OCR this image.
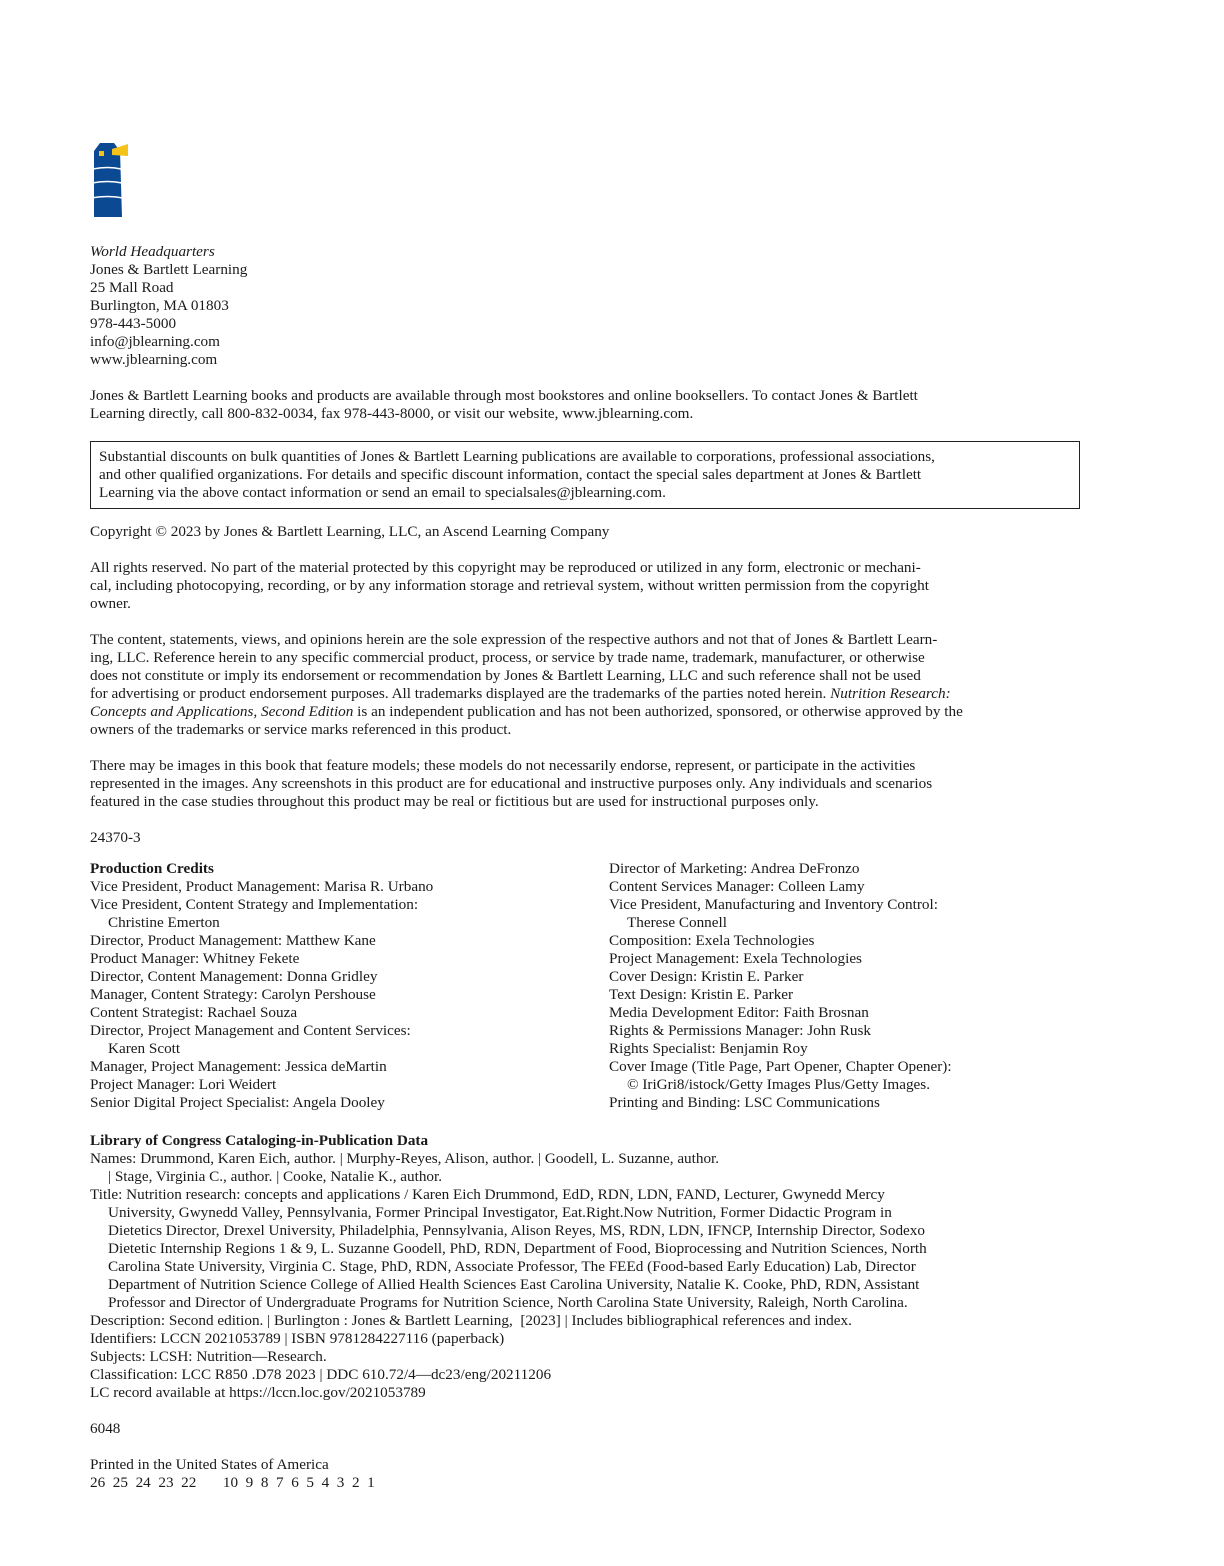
World Headquarters
Jones & Bartlett Learning
25 Mall Road
Burlington, MA 01803
978-443-5000
info@jblearning.com
www.jblearning.com
Jones & Bartlett Learning books and products are available through most bookstores and online booksellers. To contact Jones & Bartlett
Learning directly, call 800-832-0034, fax 978-443-8000, or visit our website, www.jblearning.com.
Substantial discounts on bulk quantities of Jones & Bartlett Learning publications are available to corporations, professional associations,
and other qualified organizations. For details and specific discount information, contact the special sales department at Jones & Bartlett
Learning via the above contact information or send an email to specialsales@jblearning.com.
Copyright © 2023 by Jones & Bartlett Learning, LLC, an Ascend Learning Company
All rights reserved. No part of the material protected by this copyright may be reproduced or utilized in any form, electronic or mechani-
cal, including photocopying, recording, or by any information storage and retrieval system, without written permission from the copyright
owner.
The content, statements, views, and opinions herein are the sole expression of the respective authors and not that of Jones & Bartlett Learn-
ing, LLC. Reference herein to any specific commercial product, process, or service by trade name, trademark, manufacturer, or otherwise
does not constitute or imply its endorsement or recommendation by Jones & Bartlett Learning, LLC and such reference shall not be used
for advertising or product endorsement purposes. All trademarks displayed are the trademarks of the parties noted herein. Nutrition Research:
Concepts and Applications, Second Edition is an independent publication and has not been authorized, sponsored, or otherwise approved by the
owners of the trademarks or service marks referenced in this product.
There may be images in this book that feature models; these models do not necessarily endorse, represent, or participate in the activities
represented in the images. Any screenshots in this product are for educational and instructive purposes only. Any individuals and scenarios
featured in the case studies throughout this product may be real or fictitious but are used for instructional purposes only.
24370-3
Production Credits
Vice President, Product Management: Marisa R. Urbano
Vice President, Content Strategy and Implementation:
Christine Emerton
Director, Product Management: Matthew Kane
Product Manager: Whitney Fekete
Director, Content Management: Donna Gridley
Manager, Content Strategy: Carolyn Pershouse
Content Strategist: Rachael Souza
Director, Project Management and Content Services:
Karen Scott
Manager, Project Management: Jessica deMartin
Project Manager: Lori Weidert
Senior Digital Project Specialist: Angela Dooley
Director of Marketing: Andrea DeFronzo
Content Services Manager: Colleen Lamy
Vice President, Manufacturing and Inventory Control:
Therese Connell
Composition: Exela Technologies
Project Management: Exela Technologies
Cover Design: Kristin E. Parker
Text Design: Kristin E. Parker
Media Development Editor: Faith Brosnan
Rights & Permissions Manager: John Rusk
Rights Specialist: Benjamin Roy
Cover Image (Title Page, Part Opener, Chapter Opener):
© IriGri8/istock/Getty Images Plus/Getty Images.
Printing and Binding: LSC Communications
Library of Congress Cataloging-in-Publication Data
Names: Drummond, Karen Eich, author. | Murphy-Reyes, Alison, author. | Goodell, L. Suzanne, author.
| Stage, Virginia C., author. | Cooke, Natalie K., author.
Title: Nutrition research: concepts and applications / Karen Eich Drummond, EdD, RDN, LDN, FAND, Lecturer, Gwynedd Mercy
University, Gwynedd Valley, Pennsylvania, Former Principal Investigator, Eat.Right.Now Nutrition, Former Didactic Program in
Dietetics Director, Drexel University, Philadelphia, Pennsylvania, Alison Reyes, MS, RDN, LDN, IFNCP, Internship Director, Sodexo
Dietetic Internship Regions 1 & 9, L. Suzanne Goodell, PhD, RDN, Department of Food, Bioprocessing and Nutrition Sciences, North
Carolina State University, Virginia C. Stage, PhD, RDN, Associate Professor, The FEEd (Food-based Early Education) Lab, Director
Department of Nutrition Science College of Allied Health Sciences East Carolina University, Natalie K. Cooke, PhD, RDN, Assistant
Professor and Director of Undergraduate Programs for Nutrition Science, North Carolina State University, Raleigh, North Carolina.
Description: Second edition. | Burlington : Jones & Bartlett Learning,  [2023] | Includes bibliographical references and index.
Identifiers: LCCN 2021053789 | ISBN 9781284227116 (paperback)
Subjects: LCSH: Nutrition—Research.
Classification: LCC R850 .D78 2023 | DDC 610.72/4—dc23/eng/20211206
LC record available at https://lccn.loc.gov/2021053789
6048
Printed in the United States of America
26  25  24  23  22       10  9  8  7  6  5  4  3  2  1
